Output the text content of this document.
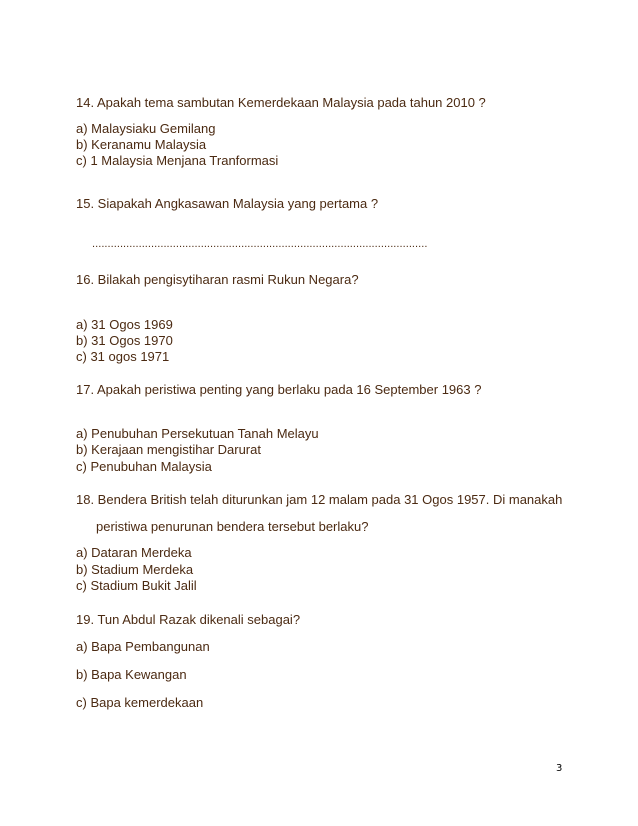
14. Apakah tema sambutan Kemerdekaan Malaysia pada tahun 2010 ?
a) Malaysiaku Gemilang
b) Keranamu Malaysia
c) 1 Malaysia Menjana Tranformasi
15. Siapakah Angkasawan Malaysia yang pertama ?
............................................................................................................
16. Bilakah pengisytiharan rasmi Rukun Negara?
a) 31 Ogos 1969
b) 31 Ogos 1970
c) 31 ogos 1971
17. Apakah peristiwa penting yang berlaku pada 16 September 1963 ?
a) Penubuhan Persekutuan Tanah Melayu
b) Kerajaan mengistihar Darurat
c) Penubuhan Malaysia
18. Bendera British telah diturunkan jam 12 malam pada 31 Ogos 1957. Di manakah
peristiwa penurunan bendera tersebut berlaku?
a) Dataran Merdeka
b) Stadium Merdeka
c) Stadium Bukit Jalil
19. Tun Abdul Razak dikenali sebagai?
a) Bapa Pembangunan
b) Bapa Kewangan
c) Bapa kemerdekaan
3
